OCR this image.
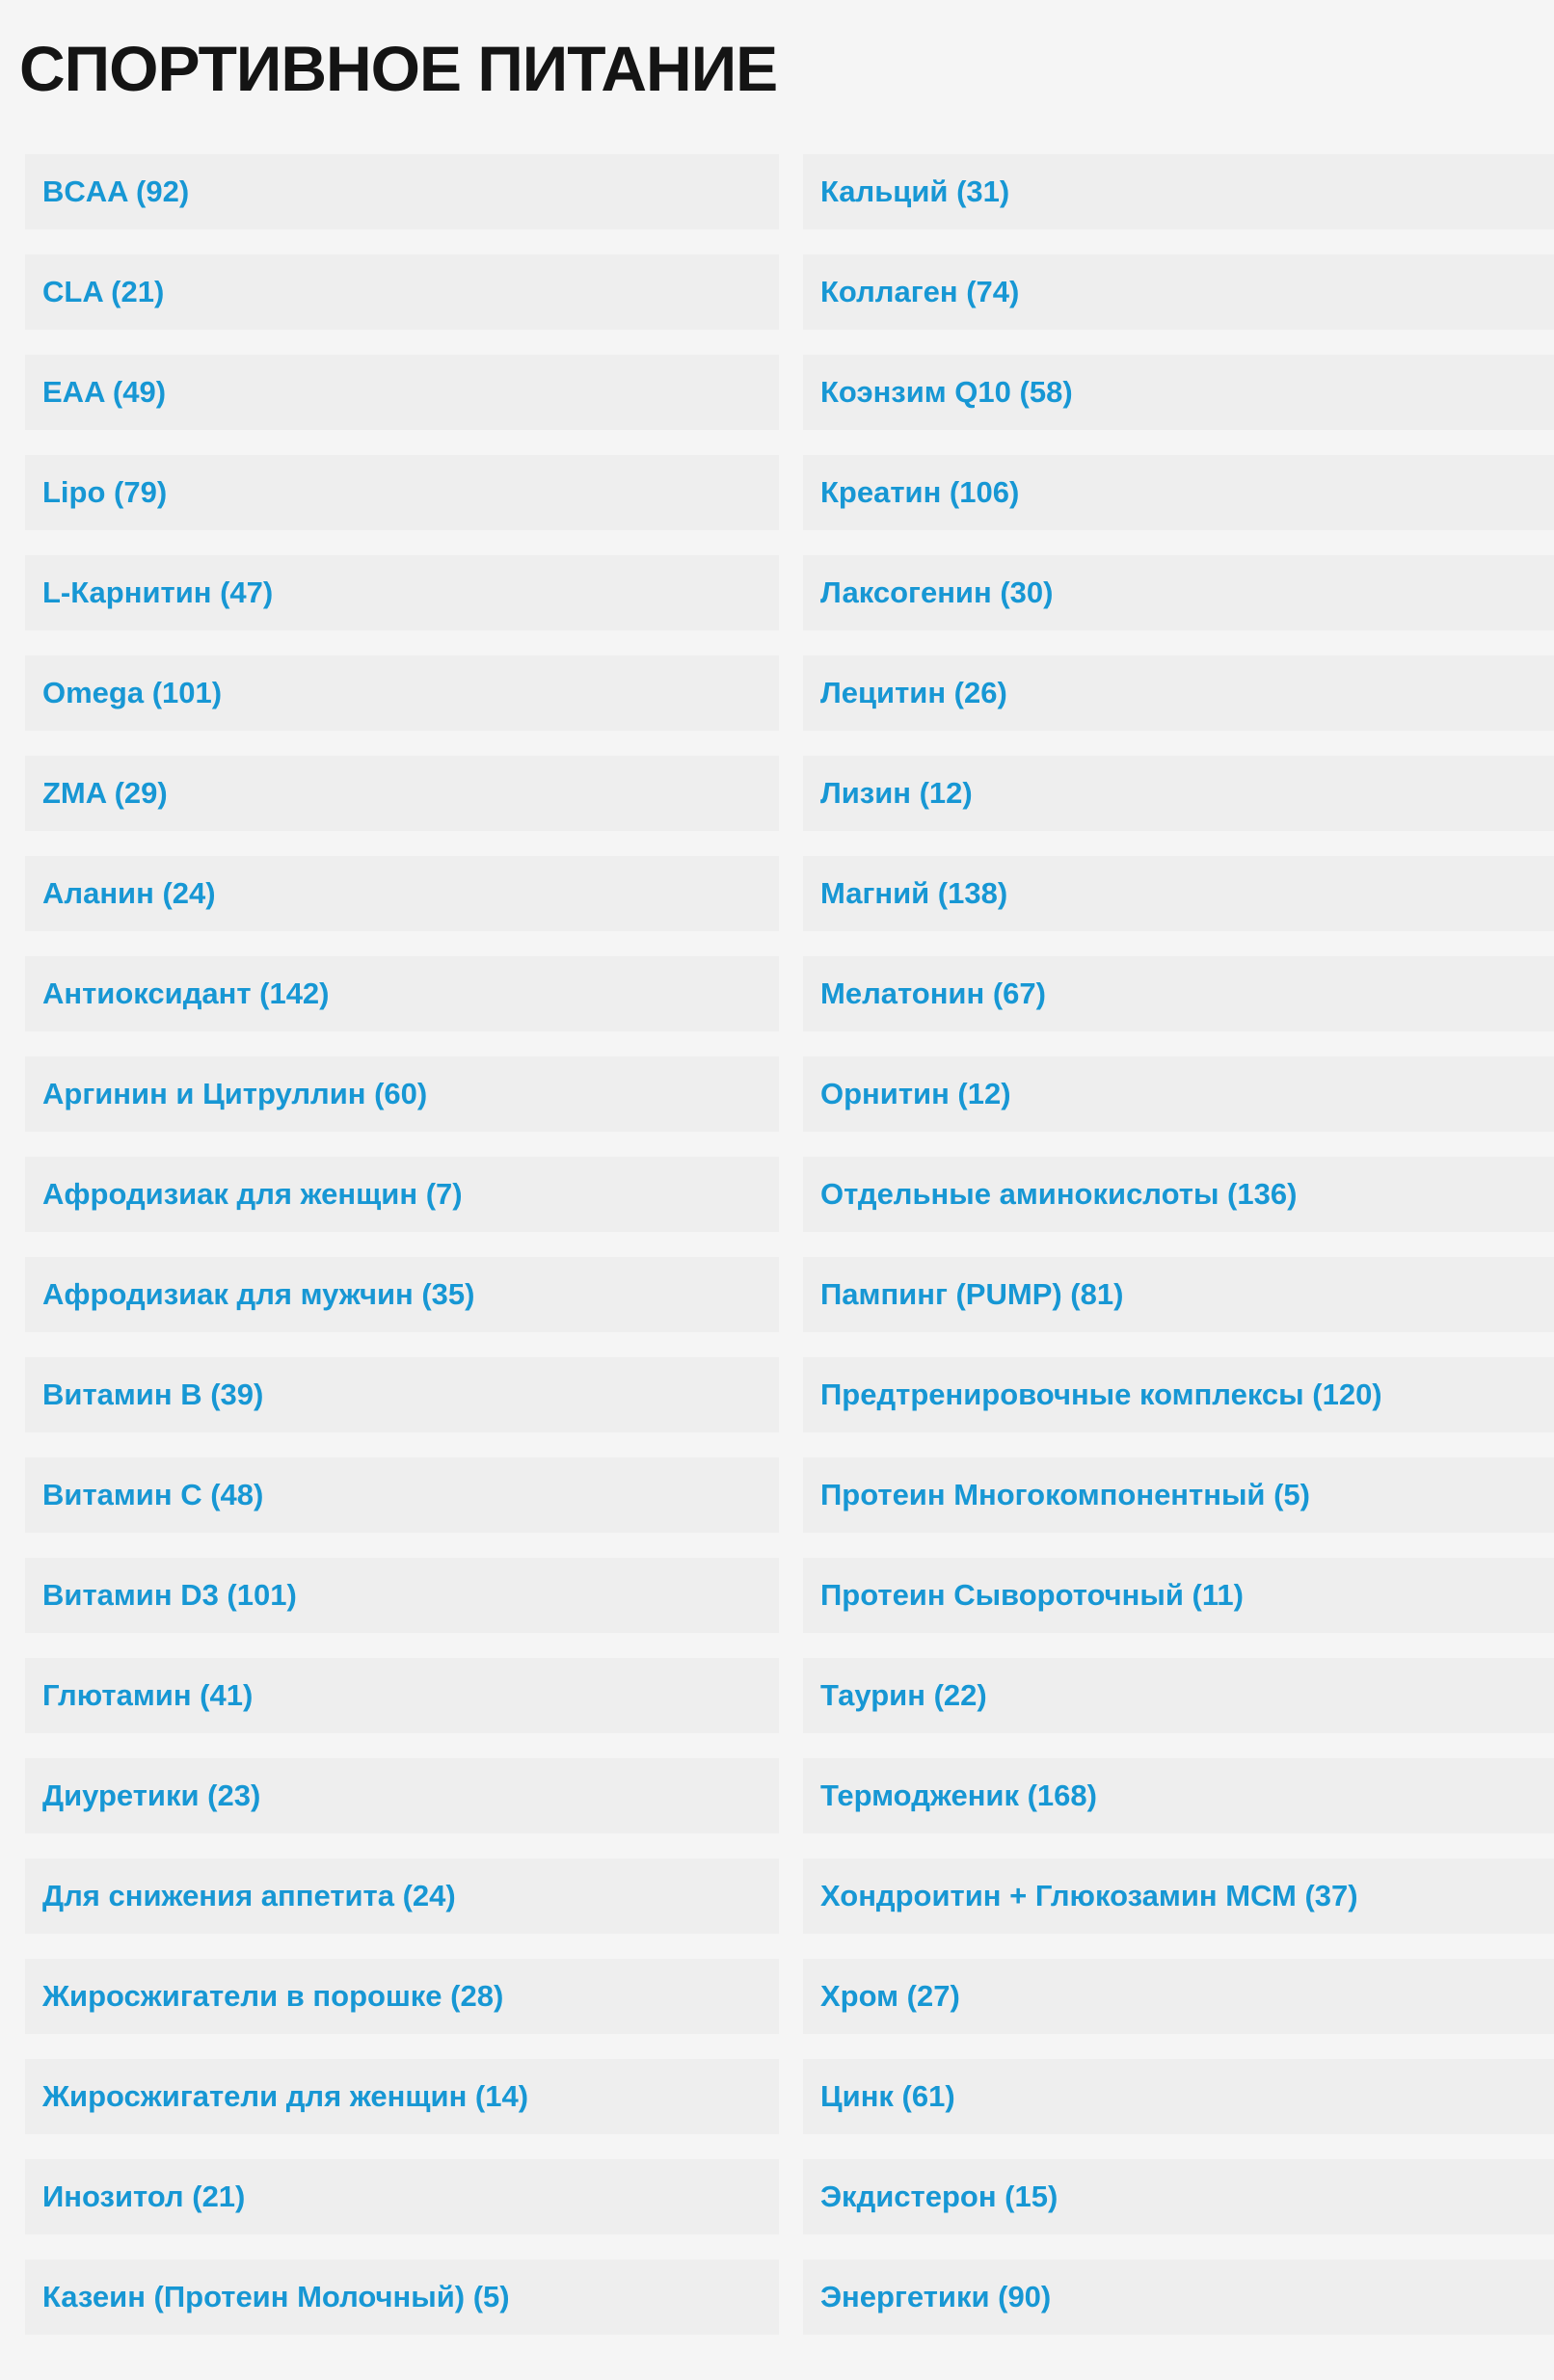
СПОРТИВНОЕ ПИТАНИЕ
BCAA (92)
CLA (21)
EAA (49)
Lipo (79)
L-Карнитин (47)
Omega (101)
ZMA (29)
Аланин (24)
Антиоксидант (142)
Аргинин и Цитруллин (60)
Афродизиак для женщин (7)
Афродизиак для мужчин (35)
Витамин B (39)
Витамин C (48)
Витамин D3 (101)
Глютамин (41)
Диуретики (23)
Для снижения аппетита (24)
Жиросжигатели в порошке (28)
Жиросжигатели для женщин (14)
Инозитол (21)
Казеин (Протеин Молочный) (5)
Кальций (31)
Коллаген (74)
Коэнзим Q10 (58)
Креатин (106)
Лаксогенин (30)
Лецитин (26)
Лизин (12)
Магний (138)
Мелатонин (67)
Орнитин (12)
Отдельные аминокислоты (136)
Пампинг (PUMP) (81)
Предтренировочные комплексы (120)
Протеин Многокомпонентный (5)
Протеин Сывороточный (11)
Таурин (22)
Термодженик (168)
Хондроитин + Глюкозамин МСМ (37)
Хром (27)
Цинк (61)
Экдистерон (15)
Энергетики (90)
